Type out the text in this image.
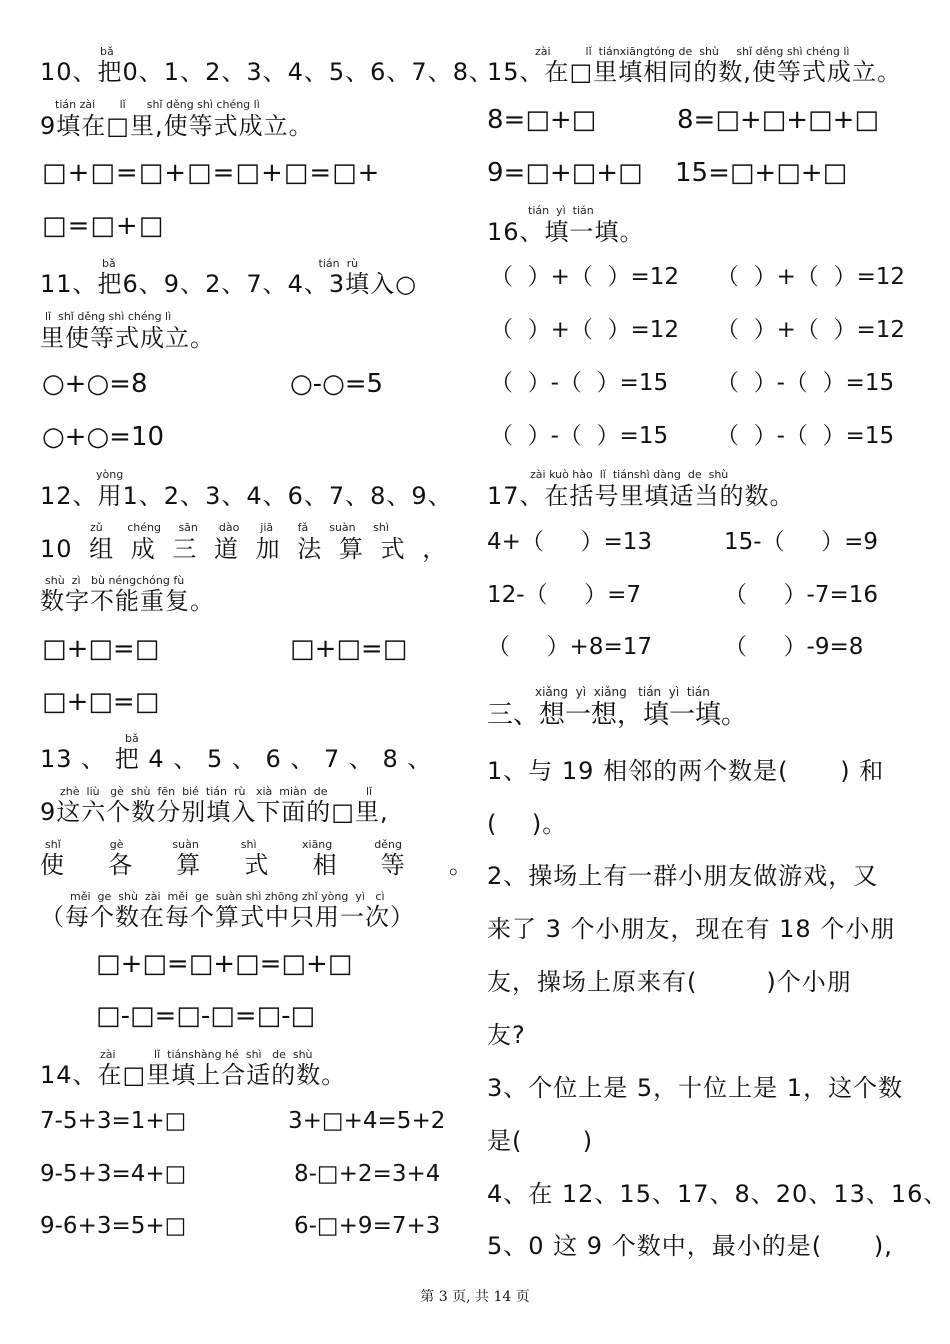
bǎ
10、把0、1、2、3、4、5、6、7、8、
tián zài       lǐ      shǐ děng shì chéng lì
9填在□里,使等式成立。
□+□=□+□=□+□=□+
□=□+□
bǎ                                                          tián  rù
11、把6、9、2、7、4、3填入○
lǐ  shǐ děng shì chéng lì
里使等式成立。
○+○=8	○-○=5
○+○=10
yòng
12、用1、2、3、4、6、7、8、9、
zǔ       chéng     sān      dào      jiā       fǎ      suàn     shì
10 组 成 三 道 加 法 算 式 ，
shù  zì   bù néngchóng fù
数字不能重复。
□+□=□	□+□=□
□+□=□
bǎ
13 、 把 4 、 5 、 6 、 7 、 8 、
zhè  liù   gè  shù  fēn  bié  tián  rù   xià  miàn  de           lǐ
9这六个数分别填入下面的□里,
shǐ              gè              suàn            shì             xiāng            děng
使     各     算     式     相     等     。
měi  ge  shù  zài  měi  ge  suàn shì zhōng zhǐ yòng  yì   cì
（每个数在每个算式中只用一次）
□+□=□+□=□+□
□-□=□-□=□-□
zài           lǐ  tiánshàng hé  shì   de  shù
14、在□里填上合适的数。
7-5+3=1+□	3+□+4=5+2
9-5+3=4+□	8-□+2=3+4
9-6+3=5+□	6-□+9=7+3
zài          lǐ  tiánxiāngtóng de  shù     shǐ děng shì chéng lì
15、在□里填相同的数,使等式成立。
8=□+□	8=□+□+□+□
9=□+□+□ 15=□+□+□
tián  yì  tián
16、填一填。
（  ）+（  ）=12 （  ）+（  ）=12
（  ）+（  ）=12 （  ）+（  ）=12
（  ）-（  ）=15 （  ）-（  ）=15
（  ）-（  ）=15 （  ）-（  ）=15
zài kuò hào  lǐ  tiánshì dàng  de  shù
17、在括号里填适当的数。
4+（     ）=13	15-（     ）=9
12-（     ）=7	（     ）-7=16
（     ）+8=17	（     ）-9=8
xiǎng  yì  xiǎng   tián  yì  tián
三、想一想，填一填。
1、与 19 相邻的两个数是(      ) 和
(    )。
2、操场上有一群小朋友做游戏，又
来了 3 个小朋友，现在有 18 个小朋
友，操场上原来有(        )个小朋
友?
3、个位上是 5，十位上是 1，这个数
是(       )
4、在 12、15、17、8、20、13、16、
5、0 这 9 个数中，最小的是(      ),
第 3 页, 共 14 页
